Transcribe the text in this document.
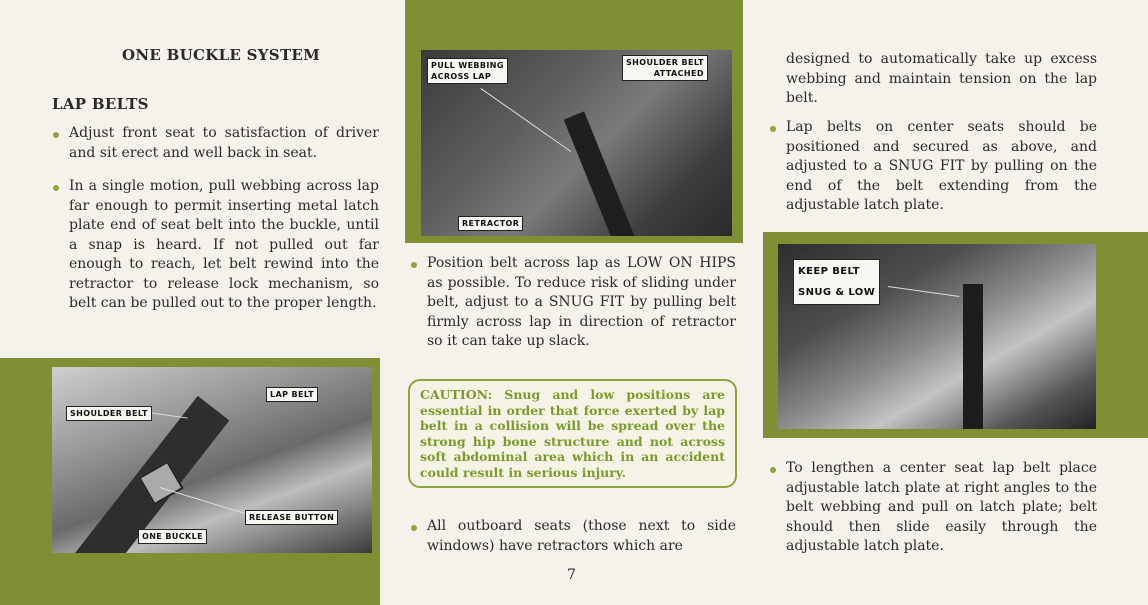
ONE BUCKLE SYSTEM
LAP BELTS
Adjust front seat to satisfaction of driver and sit erect and well back in seat.
In a single motion, pull webbing across lap far enough to permit inserting metal latch plate end of seat belt into the buckle, until a snap is heard. If not pulled out far enough to reach, let belt rewind into the retractor to release lock mechanism, so belt can be pulled out to the proper length.
SHOULDER BELT
LAP BELT
RELEASE BUTTON
ONE BUCKLE
PULL WEBBING
ACROSS LAP
SHOULDER BELT
ATTACHED
RETRACTOR
Position belt across lap as LOW ON HIPS as possible. To reduce risk of sliding under belt, adjust to a SNUG FIT by pulling belt firmly across lap in direction of retractor so it can take up slack.
CAUTION: Snug and low positions are essential in order that force exerted by lap belt in a collision will be spread over the strong hip bone structure and not across soft abdominal area which in an accident could result in serious injury.
All outboard seats (those next to side windows) have retractors which are
7
designed to automatically take up excess webbing and maintain tension on the lap belt.
Lap belts on center seats should be positioned and secured as above, and adjusted to a SNUG FIT by pulling on the end of the belt extending from the adjustable latch plate.
KEEP BELT
SNUG & LOW
To lengthen a center seat lap belt place adjustable latch plate at right angles to the belt webbing and pull on latch plate; belt should then slide easily through the adjustable latch plate.
